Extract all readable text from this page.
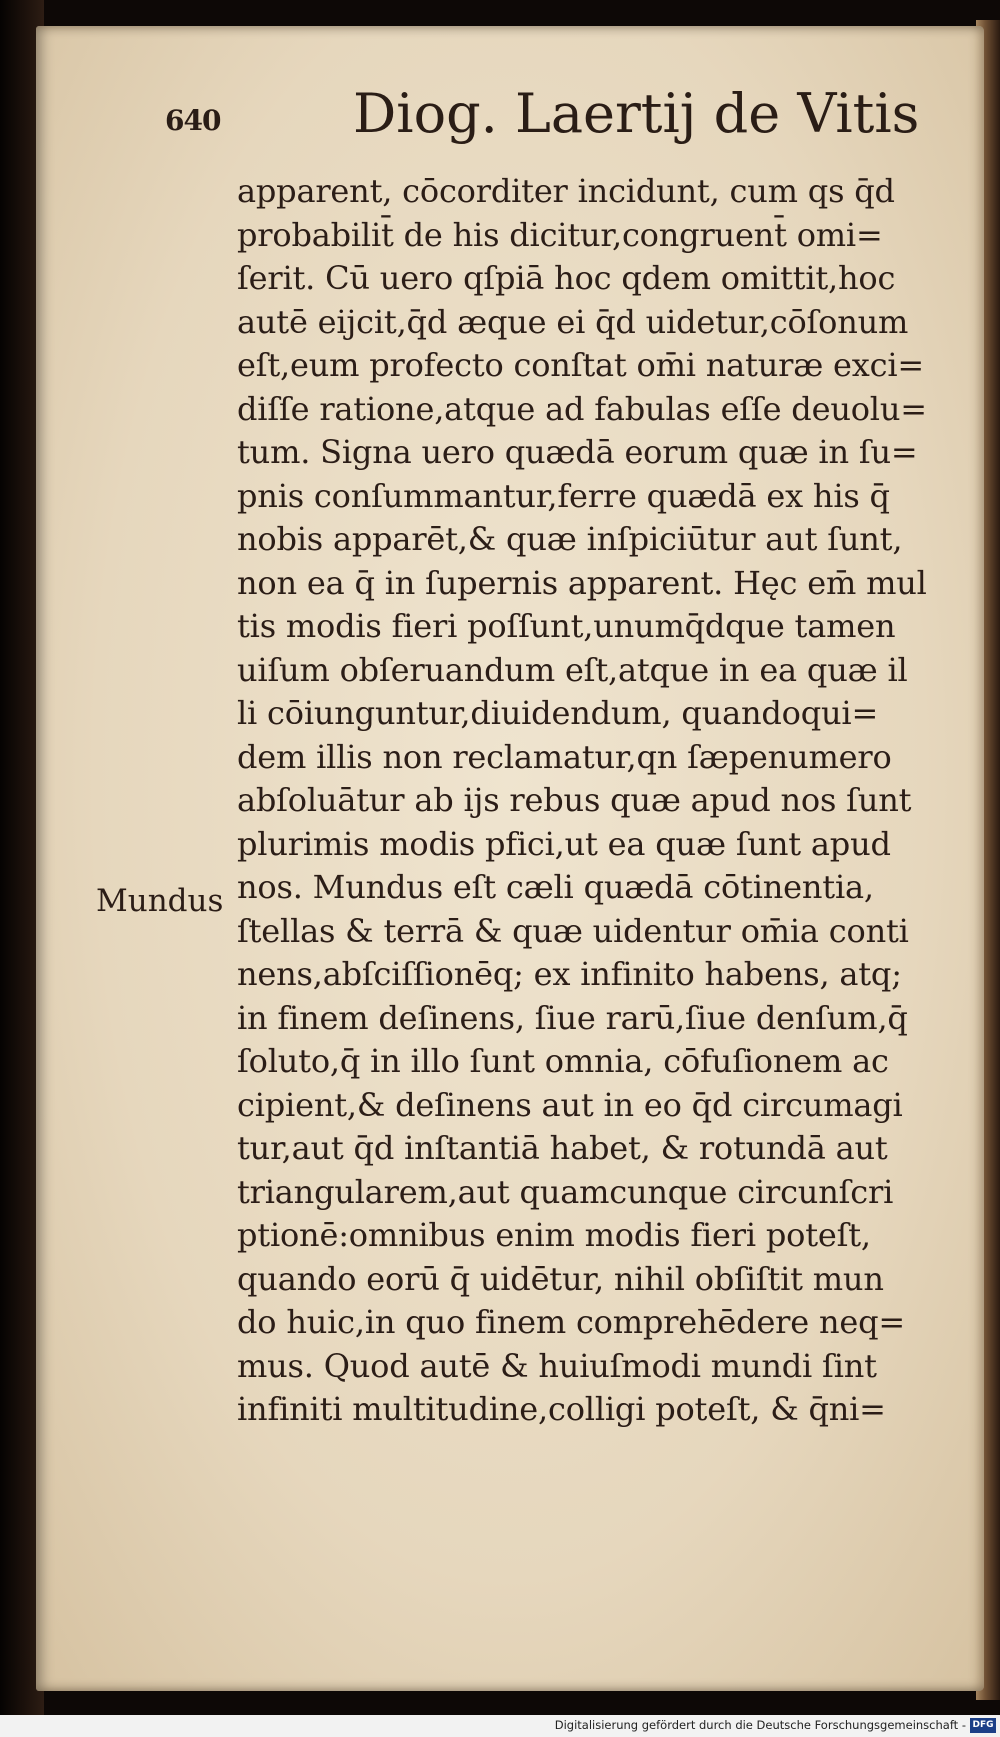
640 Diog. Laertij de Vitis
Mundus
apparent, cōcorditer incidunt, cum qs q̄d
probabilit̄ de his dicitur,congruent̄ omi=
ſerit. Cū uero qſpiā hoc qdem omittit,hoc
autē eijcit,q̄d æque ei q̄d uidetur,cōſonum
eſt,eum profecto conſtat om̄i naturæ exci=
diſſe ratione,atque ad fabulas eſſe deuolu=
tum. Signa uero quædā eorum quæ in ſu=
pnis conſummantur,ferre quædā ex his q̄
nobis apparēt,& quæ inſpiciūtur aut ſunt,
non ea q̄ in ſupernis apparent. Hęc em̄ mul
tis modis fieri poſſunt,unumq̄dque tamen
uiſum obſeruandum eſt,atque in ea quæ il
li cōiunguntur,diuidendum, quandoqui=
dem illis non reclamatur,qn ſæpenumero
abſoluātur ab ijs rebus quæ apud nos ſunt
plurimis modis pfici,ut ea quæ ſunt apud
nos. Mundus eſt cæli quædā cōtinentia,
ſtellas & terrā & quæ uidentur om̄ia conti
nens,abſciſſionēq; ex infinito habens, atq;
in finem deſinens, ſiue rarū,ſiue denſum,q̄
ſoluto,q̄ in illo ſunt omnia, cōfuſionem ac
cipient,& deſinens aut in eo q̄d circumagi
tur,aut q̄d inſtantiā habet, & rotundā aut
triangularem,aut quamcunque circunſcri
ptionē:omnibus enim modis fieri poteſt,
quando eorū q̄ uidētur, nihil obſiſtit mun
do huic,in quo finem comprehēdere neq=
mus. Quod autē & huiuſmodi mundi ſint
infiniti multitudine,colligi poteſt, & q̄ni=
Digitalisierung gefördert durch die Deutsche Forschungsgemeinschaft - DFG
